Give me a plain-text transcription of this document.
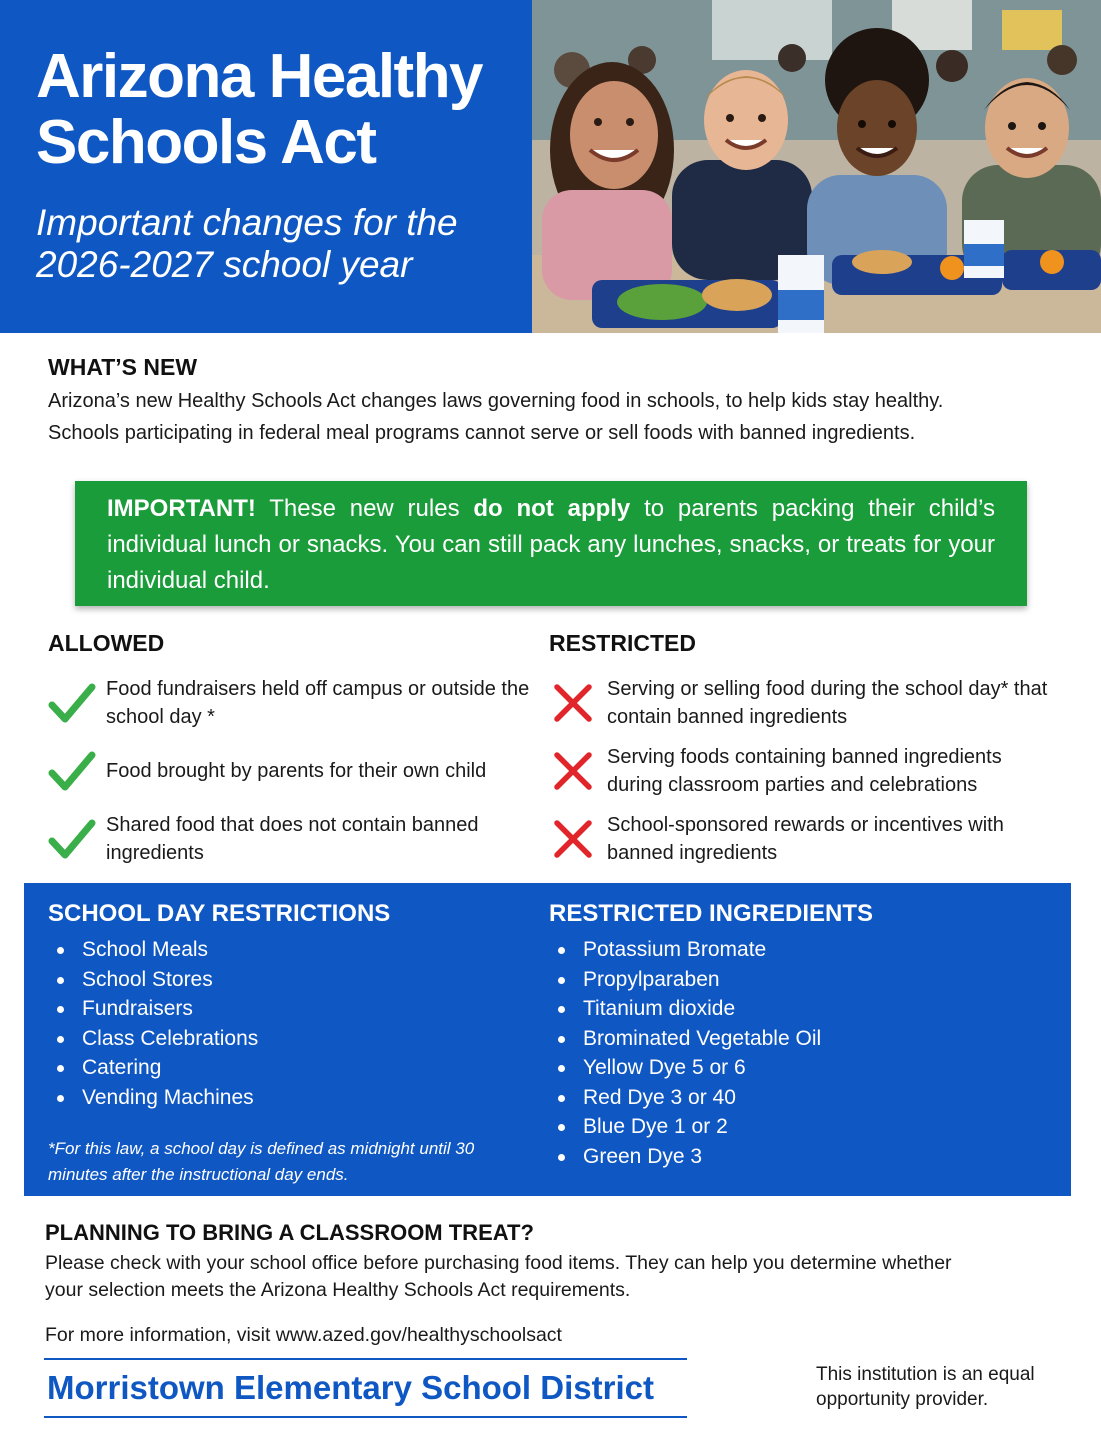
Arizona Healthy
Schools Act
Important changes for the
2026-2027 school year
WHAT’S NEW

Arizona’s new Healthy Schools Act changes laws governing food in schools, to help kids stay healthy.
Schools participating in federal meal programs cannot serve or sell foods with banned ingredients.

IMPORTANT! These new rules do not apply to parents packing their child’s individual lunch or snacks. You can still pack any lunches, snacks, or treats for your individual child.
ALLOWED
Food fundraisers held off campus or outside the school day *
Food brought by parents for their own child
Shared food that does not contain banned ingredients
RESTRICTED
Serving or selling food during the school day* that contain banned ingredients
Serving foods containing banned ingredients during classroom parties and celebrations
School-sponsored rewards or incentives with banned ingredients
SCHOOL DAY RESTRICTIONS
School Meals
School Stores
Fundraisers
Class Celebrations
Catering
Vending Machines
*For this law, a school day is defined as midnight until 30 minutes after the instructional day ends.
RESTRICTED INGREDIENTS
Potassium Bromate
Propylparaben
Titanium dioxide
Brominated Vegetable Oil
Yellow Dye 5 or 6
Red Dye 3 or 40
Blue Dye 1 or 2
Green Dye 3
PLANNING TO BRING A CLASSROOM TREAT?

Please check with your school office before purchasing food items. They can help you determine whether
your selection meets the Arizona Healthy Schools Act requirements.

For more information, visit www.azed.gov/healthyschoolsact
Morristown Elementary School District	This institution is an equal
opportunity provider.
